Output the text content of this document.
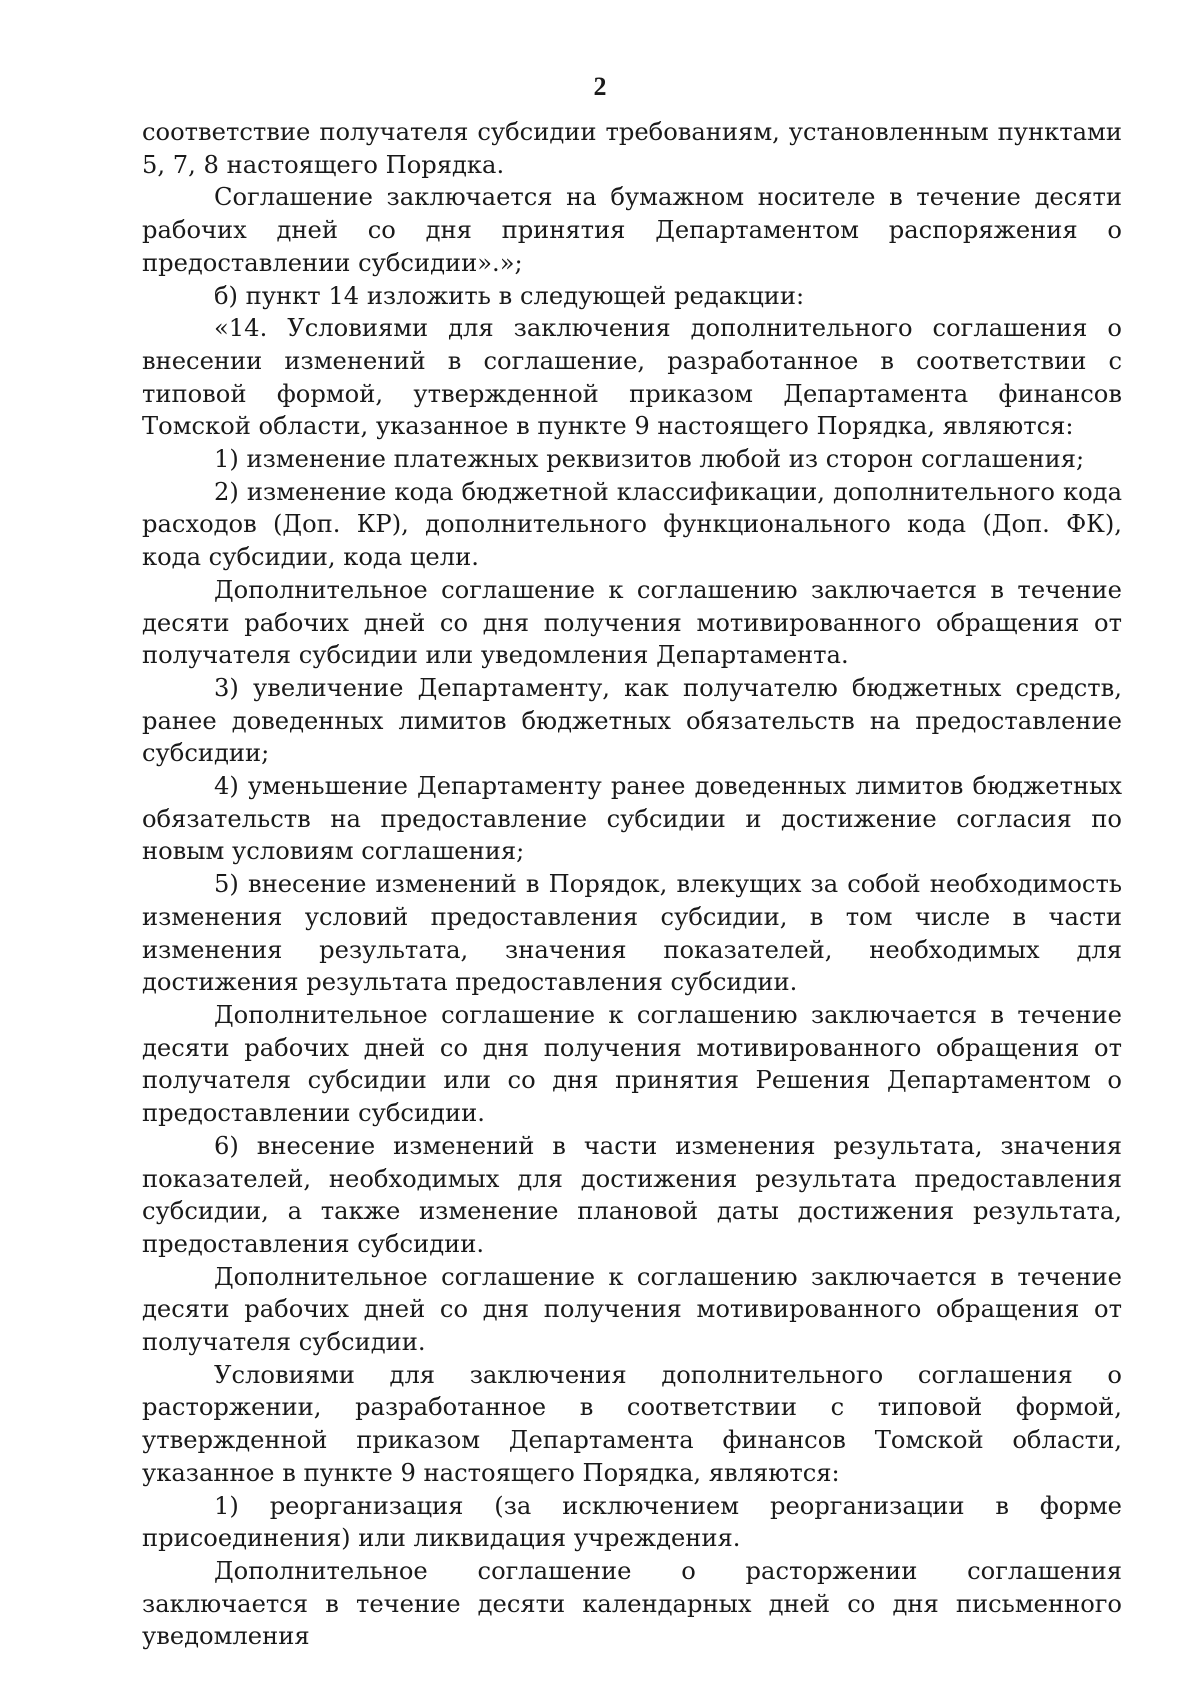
2

соответствие получателя субсидии требованиям, установленным пунктами 5, 7, 8 настоящего Порядка.

Соглашение заключается на бумажном носителе в течение десяти рабочих дней со дня принятия Департаментом распоряжения о предоставлении субсидии».»;

б) пункт 14 изложить в следующей редакции:

«14. Условиями для заключения дополнительного соглашения о внесении изменений в соглашение, разработанное в соответствии с типовой формой, утвержденной приказом Департамента финансов Томской области, указанное в пункте 9 настоящего Порядка, являются:

1) изменение платежных реквизитов любой из сторон соглашения;

2) изменение кода бюджетной классификации, дополнительного кода расходов (Доп. КР), дополнительного функционального кода (Доп. ФК), кода субсидии, кода цели.

Дополнительное соглашение к соглашению заключается в течение десяти рабочих дней со дня получения мотивированного обращения от получателя субсидии или уведомления Департамента.

3) увеличение Департаменту, как получателю бюджетных средств, ранее доведенных лимитов бюджетных обязательств на предоставление субсидии;

4) уменьшение Департаменту ранее доведенных лимитов бюджетных обязательств на предоставление субсидии и достижение согласия по новым условиям соглашения;

5) внесение изменений в Порядок, влекущих за собой необходимость изменения условий предоставления субсидии, в том числе в части изменения результата, значения показателей, необходимых для достижения результата предоставления субсидии.

Дополнительное соглашение к соглашению заключается в течение десяти рабочих дней со дня получения мотивированного обращения от получателя субсидии или со дня принятия Решения Департаментом о предоставлении субсидии.

6) внесение изменений в части изменения результата, значения показателей, необходимых для достижения результата предоставления субсидии, а также изменение плановой даты достижения результата, предоставления субсидии.

Дополнительное соглашение к соглашению заключается в течение десяти рабочих дней со дня получения мотивированного обращения от получателя субсидии.

Условиями для заключения дополнительного соглашения о расторжении, разработанное в соответствии с типовой формой, утвержденной приказом Департамента финансов Томской области, указанное в пункте 9 настоящего Порядка, являются:

1) реорганизация (за исключением реорганизации в форме присоединения) или ликвидация учреждения.

Дополнительное соглашение о расторжении соглашения заключается в течение десяти календарных дней со дня письменного уведомления
